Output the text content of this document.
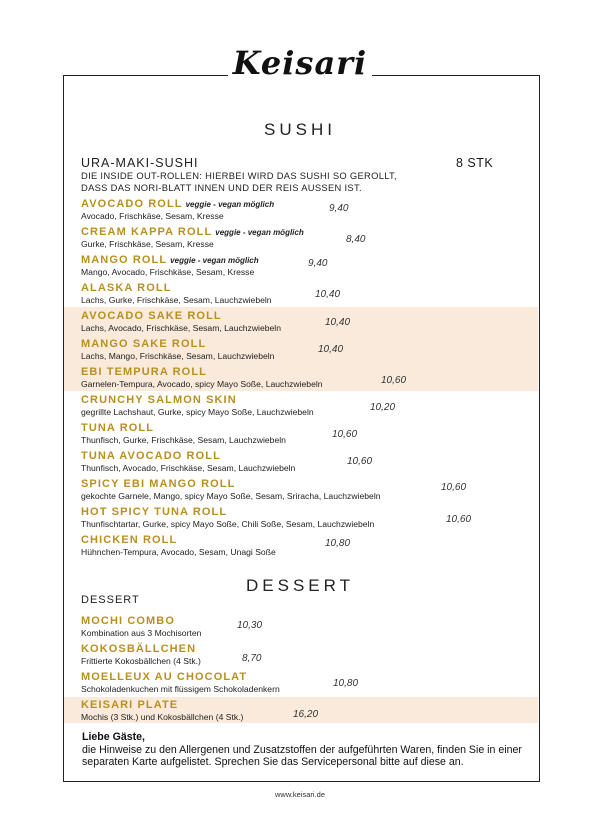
Keisari
SUSHI
URA-MAKI-SUSHI	8 STK
DIE INSIDE OUT-ROLLEN: HIERBEI WIRD DAS SUSHI SO GEROLLT,
DASS DAS NORI-BLATT INNEN UND DER REIS AUSSEN IST.
AVOCADO ROLL veggie - vegan möglich
Avocado, Frischkäse, Sesam, Kresse
9,40
CREAM KAPPA ROLL veggie - vegan möglich
Gurke, Frischkäse, Sesam, Kresse	8,40
MANGO ROLL veggie - vegan möglich
Mango, Avocado, Frischkäse, Sesam, Kresse
9,40
ALASKA ROLL
Lachs, Gurke, Frischkäse, Sesam, Lauchzwiebeln	10,40
AVOCADO SAKE ROLL
Lachs, Avocado, Frischkäse, Sesam, Lauchzwiebeln	10,40
MANGO SAKE ROLL
Lachs, Mango, Frischkäse, Sesam, Lauchzwiebeln
10,40
EBI TEMPURA ROLL
Garnelen-Tempura, Avocado, spicy Mayo Soße, Lauchzwiebeln	10,60
CRUNCHY SALMON SKIN
gegrillte Lachshaut, Gurke, spicy Mayo Soße, Lauchzwiebeln	10,20
TUNA ROLL
Thunfisch, Gurke, Frischkäse, Sesam, Lauchzwiebeln	10,60
TUNA AVOCADO ROLL
Thunfisch, Avocado, Frischkäse, Sesam, Lauchzwiebeln
10,60
SPICY EBI MANGO ROLL
gekochte Garnele, Mango, spicy Mayo Soße, Sesam, Sriracha, Lauchzwiebeln
10,60
HOT SPICY TUNA ROLL
Thunfischtartar, Gurke, spicy Mayo Soße, Chili Soße, Sesam, Lauchzwiebeln	10,60
CHICKEN ROLL
Hühnchen-Tempura, Avocado, Sesam, Unagi Soße
10,80
DESSERT
DESSERT
MOCHI COMBO
Kombination aus 3 Mochisorten
10,30
KOKOSBÄLLCHEN
Frittierte Kokosbällchen (4 Stk.)	8,70
MOELLEUX AU CHOCOLAT
Schokoladenkuchen mit flüssigem Schokoladenkern	10,80
KEISARI PLATE
Mochis (3 Stk.) und Kokosbällchen (4 Stk.)	16,20
Liebe Gäste,
die Hinweise zu den Allergenen und Zusatzstoffen der aufgeführten Waren, finden Sie in einer separaten Karte aufgelistet. Sprechen Sie das Servicepersonal bitte auf diese an.
www.keisari.de
